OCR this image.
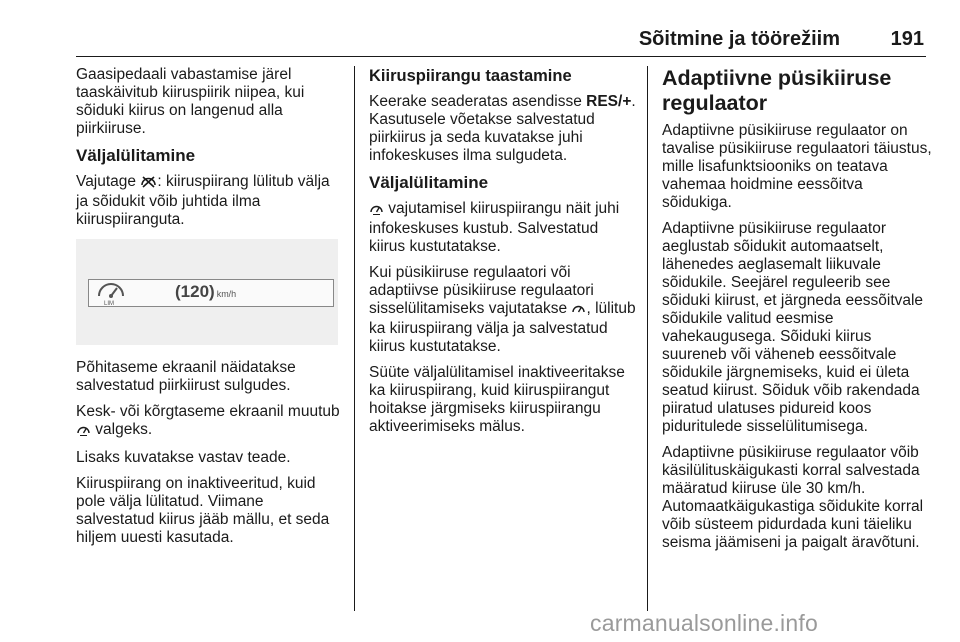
Sõitmine ja töörežiim	191

Gaasipedaali vabastamise järel taaskäivitub kiiruspiirik niipea, kui sõiduki kiirus on langenud alla piirkiiruse.

Väljalülitamine

Vajutage : kiiruspiirang lülitub välja ja sõidukit võib juhtida ilma kiiruspiiranguta.

LIM
(120) km/h

Põhitaseme ekraanil näidatakse salvestatud piirkiirust sulgudes.

Kesk- või kõrgtaseme ekraanil muutub  valgeks.

Lisaks kuvatakse vastav teade.

Kiiruspiirang on inaktiveeritud, kuid pole välja lülitatud. Viimane salvestatud kiirus jääb mällu, et seda hiljem uuesti kasutada.

Kiiruspiirangu taastamine

Keerake seaderatas asendisse RES/+. Kasutusele võetakse salvestatud piirkiirus ja seda kuvatakse juhi infokeskuses ilma sulgudeta.

Väljalülitamine

vajutamisel kiiruspiirangu näit juhi infokeskuses kustub. Salvestatud kiirus kustutatakse.

Kui püsikiiruse regulaatori või adaptiivse püsikiiruse regulaatori sisselülitamiseks vajutatakse , lülitub ka kiiruspiirang välja ja salvestatud kiirus kustutatakse.

Süüte väljalülitamisel inaktiveeritakse ka kiiruspiirang, kuid kiiruspiirangut hoitakse järgmiseks kiiruspiirangu aktiveerimiseks mälus.

Adaptiivne püsikiiruse regulaator

Adaptiivne püsikiiruse regulaator on tavalise püsikiiruse regulaatori täiustus, mille lisafunktsiooniks on teatava vahemaa hoidmine eessõitva sõidukiga.

Adaptiivne püsikiiruse regulaator aeglustab sõidukit automaatselt, lähenedes aeglasemalt liikuvale sõidukile. Seejärel reguleerib see sõiduki kiirust, et järgneda eessõitvale sõidukile valitud eesmise vahekaugusega. Sõiduki kiirus suureneb või väheneb eessõitvale sõidukile järgnemiseks, kuid ei ületa seatud kiirust. Sõiduk võib rakendada piiratud ulatuses pidureid koos piduritulede sisselülitumisega.

Adaptiivne püsikiiruse regulaator võib käsilülituskäigukasti korral salvestada määratud kiiruse üle 30 km/h. Automaatkäigukastiga sõidukite korral võib süsteem pidurdada kuni täieliku seisma jäämiseni ja paigalt äravõtuni.

carmanualsonline.info
